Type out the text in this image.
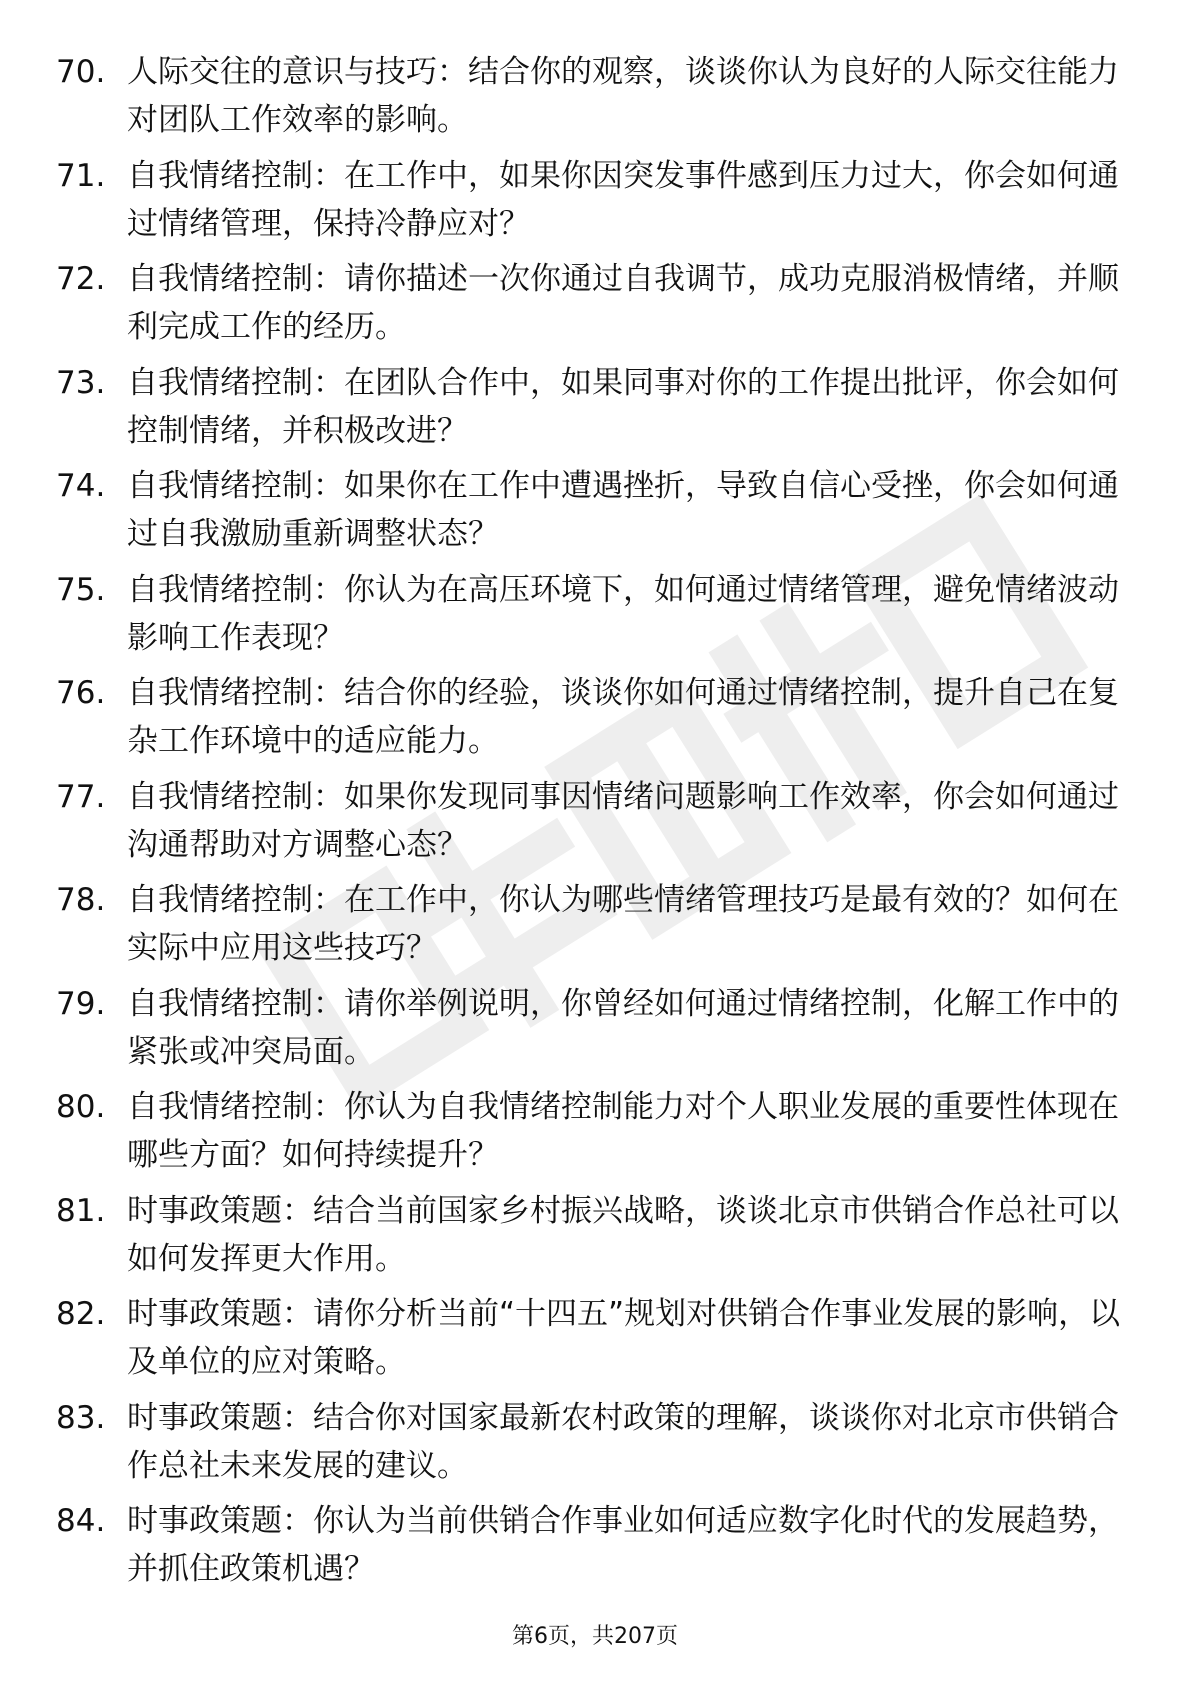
70. 人际交往的意识与技巧：结合你的观察，谈谈你认为良好的人际交往能力对团队工作效率的影响。
71. 自我情绪控制：在工作中，如果你因突发事件感到压力过大，你会如何通过情绪管理，保持冷静应对？
72. 自我情绪控制：请你描述一次你通过自我调节，成功克服消极情绪，并顺利完成工作的经历。
73. 自我情绪控制：在团队合作中，如果同事对你的工作提出批评，你会如何控制情绪，并积极改进？
74. 自我情绪控制：如果你在工作中遭遇挫折，导致自信心受挫，你会如何通过自我激励重新调整状态？
75. 自我情绪控制：你认为在高压环境下，如何通过情绪管理，避免情绪波动影响工作表现？
76. 自我情绪控制：结合你的经验，谈谈你如何通过情绪控制，提升自己在复杂工作环境中的适应能力。
77. 自我情绪控制：如果你发现同事因情绪问题影响工作效率，你会如何通过沟通帮助对方调整心态？
78. 自我情绪控制：在工作中，你认为哪些情绪管理技巧是最有效的？如何在实际中应用这些技巧？
79. 自我情绪控制：请你举例说明，你曾经如何通过情绪控制，化解工作中的紧张或冲突局面。
80. 自我情绪控制：你认为自我情绪控制能力对个人职业发展的重要性体现在哪些方面？如何持续提升？
81. 时事政策题：结合当前国家乡村振兴战略，谈谈北京市供销合作总社可以如何发挥更大作用。
82. 时事政策题：请你分析当前“十四五”规划对供销合作事业发展的影响，以及单位的应对策略。
83. 时事政策题：结合你对国家最新农村政策的理解，谈谈你对北京市供销合作总社未来发展的建议。
84. 时事政策题：你认为当前供销合作事业如何适应数字化时代的发展趋势，并抓住政策机遇？
第6页，共207页
